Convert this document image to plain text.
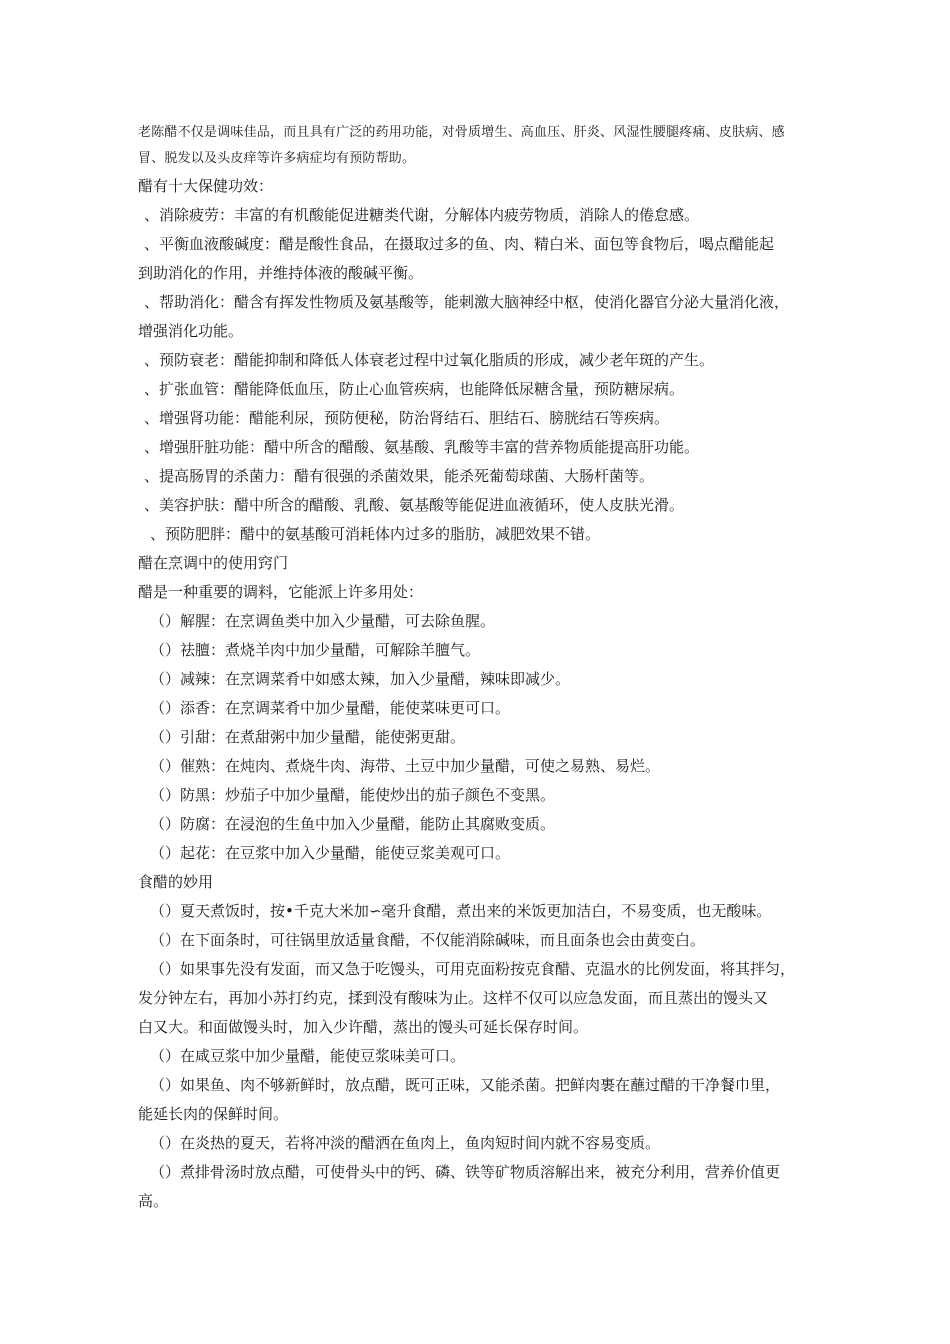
老陈醋不仅是调味佳品，而且具有广泛的药用功能，对骨质增生、高血压、肝炎、风湿性腰腿疼痛、皮肤病、感

冒、脱发以及头皮痒等许多病症均有预防帮助。

醋有十大保健功效：

、消除疲劳：丰富的有机酸能促进糖类代谢，分解体内疲劳物质，消除人的倦怠感。

、平衡血液酸碱度：醋是酸性食品，在摄取过多的鱼、肉、精白米、面包等食物后，喝点醋能起

到助消化的作用，并维持体液的酸碱平衡。

、帮助消化：醋含有挥发性物质及氨基酸等，能刺激大脑神经中枢，使消化器官分泌大量消化液，

增强消化功能。

、预防衰老：醋能抑制和降低人体衰老过程中过氧化脂质的形成，减少老年斑的产生。

、扩张血管：醋能降低血压，防止心血管疾病，也能降低尿糖含量，预防糖尿病。

、增强肾功能：醋能利尿，预防便秘，防治肾结石、胆结石、膀胱结石等疾病。

、增强肝脏功能：醋中所含的醋酸、氨基酸、乳酸等丰富的营养物质能提高肝功能。

、提高肠胃的杀菌力：醋有很强的杀菌效果，能杀死葡萄球菌、大肠杆菌等。

、美容护肤：醋中所含的醋酸、乳酸、氨基酸等能促进血液循环，使人皮肤光滑。

、预防肥胖：醋中的氨基酸可消耗体内过多的脂肪，减肥效果不错。

醋在烹调中的使用窍门

醋是一种重要的调料，它能派上许多用处：

（）解腥：在烹调鱼类中加入少量醋，可去除鱼腥。

（）祛膻：煮烧羊肉中加少量醋，可解除羊膻气。

（）减辣：在烹调菜肴中如感太辣，加入少量醋，辣味即减少。

（）添香：在烹调菜肴中加少量醋，能使菜味更可口。

（）引甜：在煮甜粥中加少量醋，能使粥更甜。

（）催熟：在炖肉、煮烧牛肉、海带、土豆中加少量醋，可使之易熟、易烂。

（）防黑：炒茄子中加少量醋，能使炒出的茄子颜色不变黑。

（）防腐：在浸泡的生鱼中加入少量醋，能防止其腐败变质。

（）起花：在豆浆中加入少量醋，能使豆浆美观可口。

食醋的妙用

（）夏天煮饭时，按•千克大米加∽毫升食醋，煮出来的米饭更加洁白，不易变质，也无酸味。

（）在下面条时，可往锅里放适量食醋，不仅能消除碱味，而且面条也会由黄变白。

（）如果事先没有发面，而又急于吃馒头，可用克面粉按克食醋、克温水的比例发面，将其拌匀，

发分钟左右，再加小苏打约克，揉到没有酸味为止。这样不仅可以应急发面，而且蒸出的馒头又

白又大。和面做馒头时，加入少许醋，蒸出的馒头可延长保存时间。

（）在咸豆浆中加少量醋，能使豆浆味美可口。

（）如果鱼、肉不够新鲜时，放点醋，既可正味，又能杀菌。把鲜肉裹在蘸过醋的干净餐巾里，

能延长肉的保鲜时间。

（）在炎热的夏天，若将冲淡的醋洒在鱼肉上，鱼肉短时间内就不容易变质。

（）煮排骨汤时放点醋，可使骨头中的钙、磷、铁等矿物质溶解出来，被充分利用，营养价值更

高。
